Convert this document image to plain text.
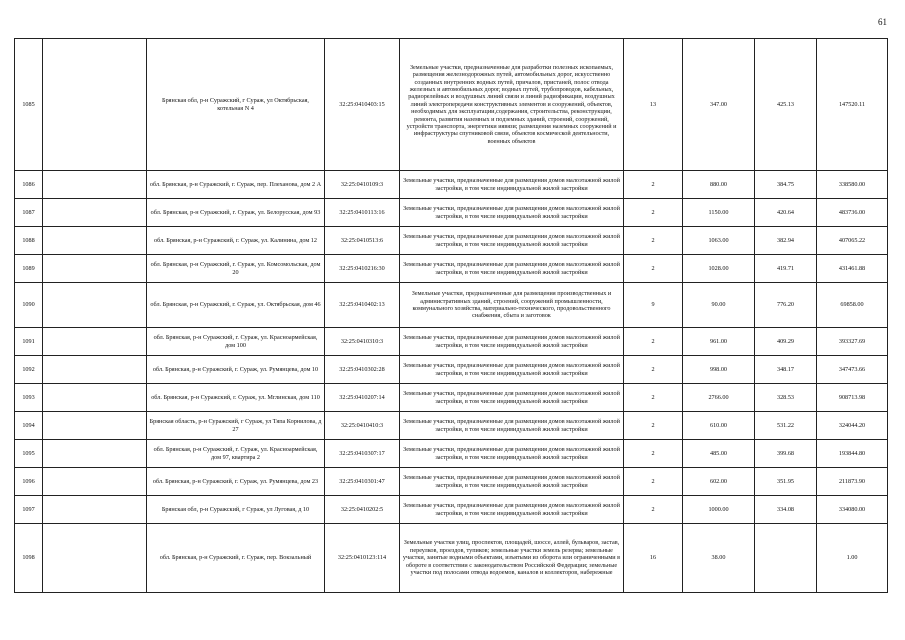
61
1085		Брянская обл, р-н Суражский, г Сураж, ул Октябрьская, котельная N 4	32:25:0410403:15	Земельные участки, предназначенные для разработки полезных ископаемых, размещения железнодорожных путей, автомобильных дорог, искусственно созданных внутренних водных путей, причалов, пристаней, полос отвода железных и автомобильных дорог, водных путей, трубопроводов, кабельных, радиорелейных и воздушных линий связи и линий радиофикации, воздушных линий электропередачи конструктивных элементов и сооружений, объектов, необходимых для эксплуатации,содержания, строительства, реконструкции, ремонта, развития наземных и подземных зданий, строений, сооружений, устройств транспорта, энергетики иявязи; размещения наземных сооружений и инфраструктуры спутниковой связи, объектов космической деятельности, военных объектов	13	347.00	425.13	147520.11
1086		обл. Брянская, р-н Суражский, г. Сураж, пер. Плеханова, дом 2 А	32:25:0410109:3	Земельные участки, предназначенные для размещения домов малоэтажной жилой застройки, в том числе индивидуальной жилой застройки	2	880.00	384.75	338580.00
1087		обл. Брянская, р-н Суражский, г. Сураж, ул. Белорусская, дом 93	32:25:0410113:16	Земельные участки, предназначенные для размещения домов малоэтажной жилой застройки, в том числе индивидуальной жилой застройки	2	1150.00	420.64	483736.00
1088		обл. Брянская, р-н Суражский, г. Сураж, ул. Калинина, дом 12	32:25:0410513:6	Земельные участки, предназначенные для размещения домов малоэтажной жилой застройки, в том числе индивидуальной жилой застройки	2	1063.00	382.94	407065.22
1089		обл. Брянская, р-н Суражский, г. Сураж, ул. Комсомольская, дом 20	32:25:0410216:30	Земельные участки, предназначенные для размещения домов малоэтажной жилой застройки, в том числе индивидуальной жилой застройки	2	1028.00	419.71	431461.88
1090		обл. Брянская, р-н Суражский, г. Сураж, ул. Октябрьская, дом 46	32:25:0410402:13	Земельные участки, предназначенные для размещения производственных и административных зданий, строений, сооружений промышленности, коммунального хозяйства, материально-технического, продовольственного снабжения, сбыта и заготовок	9	90.00	776.20	69858.00
1091		обл. Брянская, р-н Суражский, г. Сураж, ул. Красноармейская, дом 100	32:25:0410310:3	Земельные участки, предназначенные для размещения домов малоэтажной жилой застройки, в том числе индивидуальной жилой застройки	2	961.00	409.29	393327.69
1092		обл. Брянская, р-н Суражский, г. Сураж, ул. Румянцева, дом 10	32:25:0410302:28	Земельные участки, предназначенные для размещения домов малоэтажной жилой застройки, в том числе индивидуальной жилой застройки	2	998.00	348.17	347473.66
1093		обл. Брянская, р-н Суражский, г. Сураж, ул. Мглинская, дом 110	32:25:0410207:14	Земельные участки, предназначенные для размещения домов малоэтажной жилой застройки, в том числе индивидуальной жилой застройки	2	2766.00	328.53	908713.98
1094		Брянская область, р-н Суражский, г Сураж, ул Тяпа Корнилова, д 27	32:25:0410410:3	Земельные участки, предназначенные для размещения домов малоэтажной жилой застройки, в том числе индивидуальной жилой застройки	2	610.00	531.22	324044.20
1095		обл. Брянская, р-н Суражский, г. Сураж, ул. Красноармейская, дом 97, квартира 2	32:25:0410307:17	Земельные участки, предназначенные для размещения домов малоэтажной жилой застройки, в том числе индивидуальной жилой застройки	2	485.00	399.68	193844.80
1096		обл. Брянская, р-н Суражский, г. Сураж, ул. Румянцева, дом 23	32:25:0410301:47	Земельные участки, предназначенные для размещения домов малоэтажной жилой застройки, в том числе индивидуальной жилой застройки	2	602.00	351.95	211873.90
1097		Брянская обл, р-н Суражский, г Сураж, ул Луговая, д 10	32:25:0410202:5	Земельные участки, предназначенные для размещения домов малоэтажной жилой застройки, в том числе индивидуальной жилой застройки	2	1000.00	334.08	334080.00
1098		обл. Брянская, р-н Суражский, г. Сураж, пер. Вокзальный	32:25:0410123:114	Земельные участки улиц, проспектов, площадей, шоссе, аллей, бульваров, застав, переулков, проездов, тупиков; земельные участки земель резерва; земельные участки, занятые водными объектами, изъятыми из оборота или ограниченными в обороте в соответствии с законодательством Российской Федерации; земельные участки под полосами отвода водоемов, каналов и коллекторов, набережные	16	38.00		1.00
